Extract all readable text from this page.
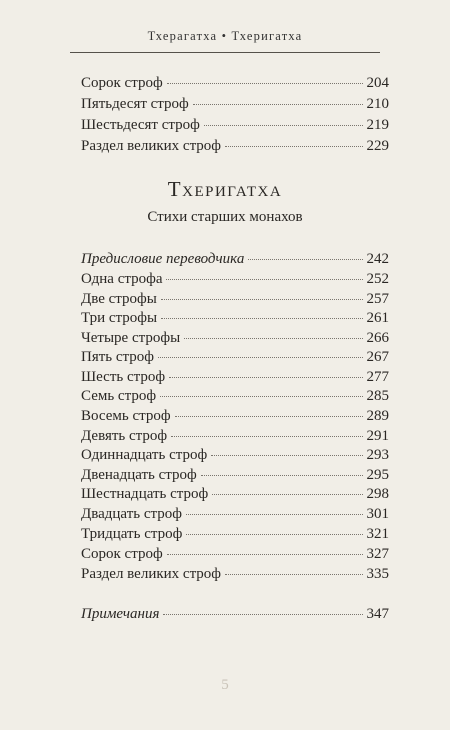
Тхерагатха • Тхеригатха
Сорок строф	204
Пятьдесят строф	210
Шестьдесят строф	219
Раздел великих строф	229
Тхеригатха
Стихи старших монахов
Предисловие переводчика	242
Одна строфа	252
Две строфы	257
Три строфы	261
Четыре строфы	266
Пять строф	267
Шесть строф	277
Семь строф	285
Восемь строф	289
Девять строф	291
Одиннадцать строф	293
Двенадцать строф	295
Шестнадцать строф	298
Двадцать строф	301
Тридцать строф	321
Сорок строф	327
Раздел великих строф	335
Примечания	347
5
